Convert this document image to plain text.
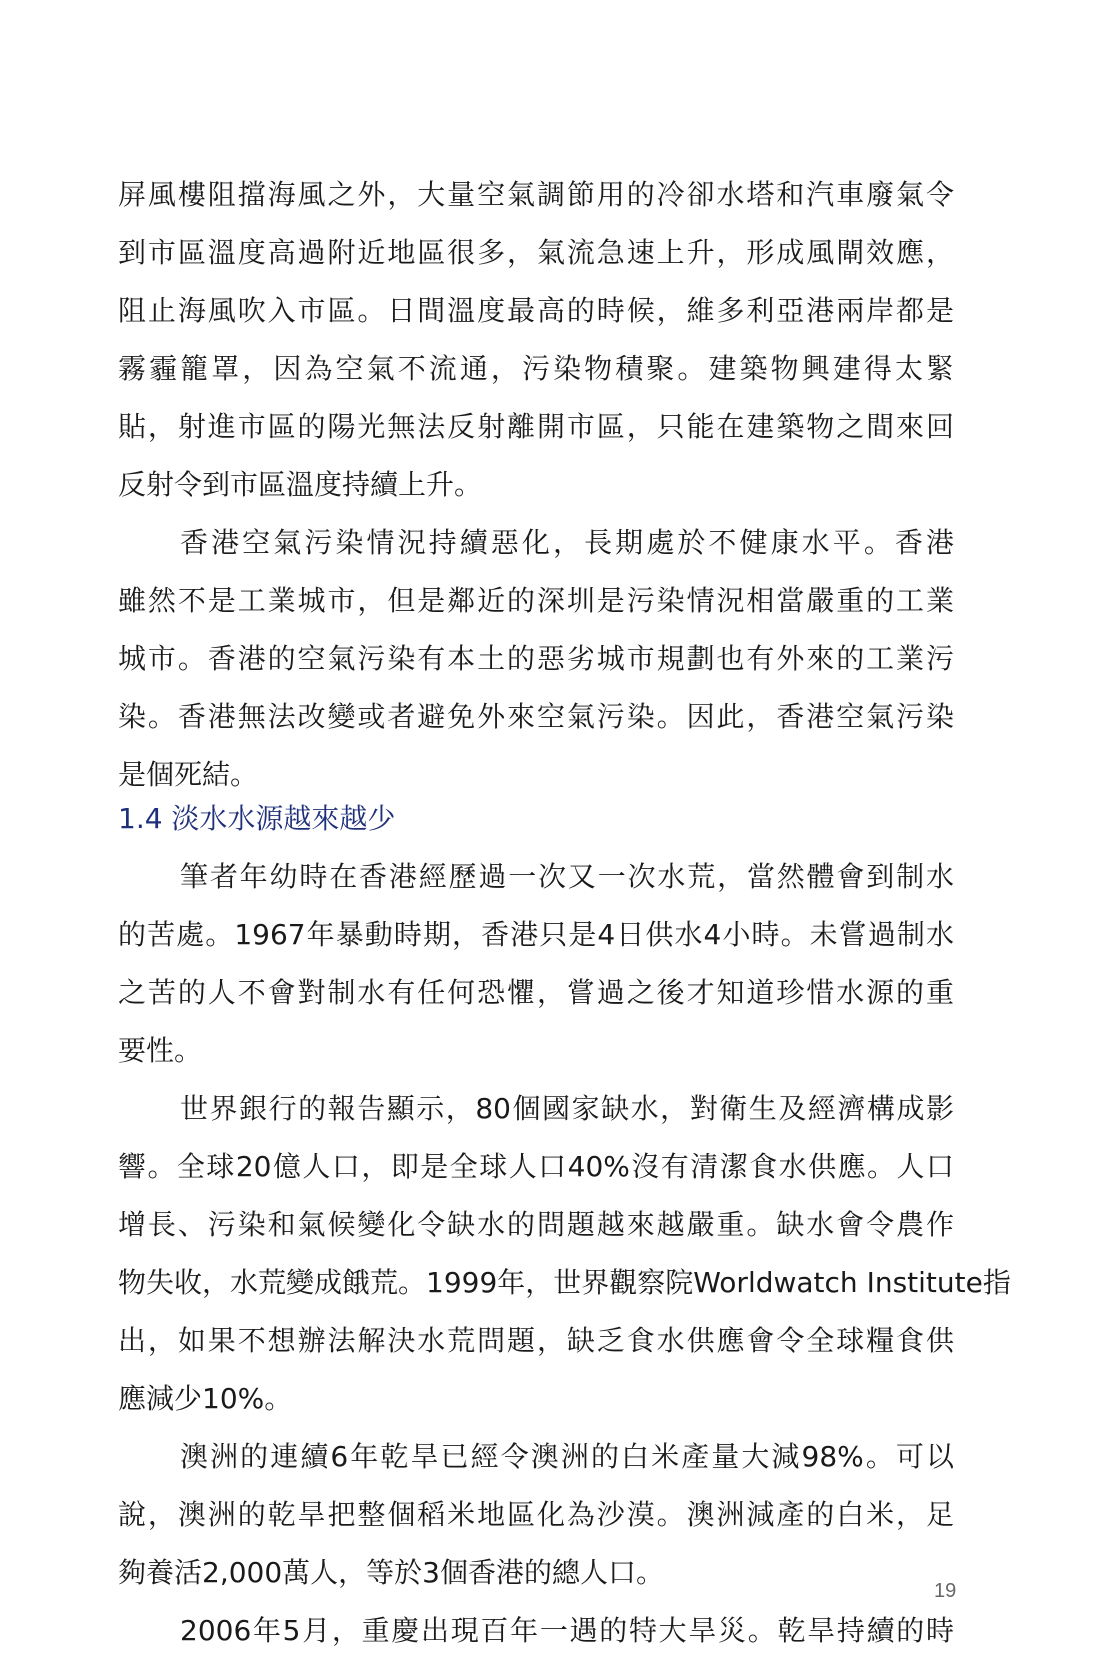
屏風樓阻擋海風之外，大量空氣調節用的冷卻水塔和汽車廢氣令
到市區溫度高過附近地區很多，氣流急速上升，形成風閘效應，
阻止海風吹入市區。日間溫度最高的時候，維多利亞港兩岸都是
霧霾籠罩，因為空氣不流通，污染物積聚。建築物興建得太緊
貼，射進市區的陽光無法反射離開市區，只能在建築物之間來回
反射令到市區溫度持續上升。
香港空氣污染情況持續惡化，長期處於不健康水平。香港
雖然不是工業城市，但是鄰近的深圳是污染情況相當嚴重的工業
城市。香港的空氣污染有本土的惡劣城市規劃也有外來的工業污
染。香港無法改變或者避免外來空氣污染。因此，香港空氣污染
是個死結。
1.4 淡水水源越來越少
筆者年幼時在香港經歷過一次又一次水荒，當然體會到制水
的苦處。1967年暴動時期，香港只是4日供水4小時。未嘗過制水
之苦的人不會對制水有任何恐懼，嘗過之後才知道珍惜水源的重
要性。
世界銀行的報告顯示，80個國家缺水，對衛生及經濟構成影
響。全球20億人口，即是全球人口40%沒有清潔食水供應。人口
增長、污染和氣候變化令缺水的問題越來越嚴重。缺水會令農作
物失收，水荒變成餓荒。1999年，世界觀察院Worldwatch Institute指
出，如果不想辦法解決水荒問題，缺乏食水供應會令全球糧食供
應減少10%。
澳洲的連續6年乾旱已經令澳洲的白米產量大減98%。可以
說，澳洲的乾旱把整個稻米地區化為沙漠。澳洲減產的白米，足
夠養活2,000萬人，等於3個香港的總人口。
2006年5月，重慶出現百年一遇的特大旱災。乾旱持續的時
19
